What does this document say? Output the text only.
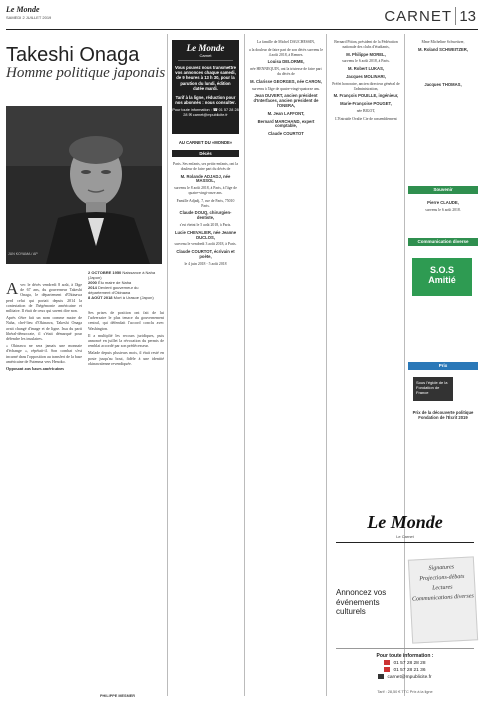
Le Monde
SAMEDI 2 JUILLET 2019	CARNET 13
Takeshi Onaga
Homme politique japonais
JUN KOYAMA / AP

Avec le décès vendredi 8 août, à l'âge de 67 ans, du gouverneur Takeshi Onaga, le département d'Okinawa perd celui qui portait depuis 2014 la contestation de l'hégémonie américaine et militaire. Il était de ceux qui savent dire non.

Après s'être fait un nom comme maire de Naha, chef-lieu d'Okinawa, Takeshi Onaga avait changé d'image et de ligne. Issu du parti libéral-démocrate, il s'était démarqué pour défendre les insulaires.

« Okinawa ne sera jamais une monnaie d'échange », répétait-il. Son combat s'est incarné dans l'opposition au transfert de la base américaine de Futenma vers Henoko.

Opposant aux bases américaines
2 OCTOBRE 1950 Naissance à Naha (Japon)
2000 Élu maire de Naha
2014 Devient gouverneur du département d'Okinawa
8 AOÛT 2018 Mort à Urasoe (Japon)

Ses prises de position ont fait de lui l'adversaire le plus tenace du gouvernement central, qui défendait l'accord conclu avec Washington.

Il a multiplié les recours juridiques, puis annoncé en juillet la révocation du permis de remblai accordé par son prédécesseur.

Malade depuis plusieurs mois, il était resté en poste jusqu'au bout, fidèle à une identité okinawaïenne revendiquée.

PHILIPPE MESMER
Le Monde
Carnet
Vous pouvez nous transmettre vos annonces chaque samedi, de 9 heures à 13 h 30, pour la parution du lundi, édition datée mardi.
Tarif à la ligne, réduction pour nos abonnés : nous consulter.
Pour toute information : ☎ 01 57 28 28 28 ✉ carnet@mpublicite.fr
AU CARNET DU «MONDE»
Décès

Paris. Ses enfants, ses petits-enfants, ont la douleur de faire part du décès de

M. Rolande ADJADJ, née MASSOL,

survenu le 8 août 2018, à Paris, à l'âge de quatre-vingt-onze ans.

Famille Adjadj, 7, rue de Paris, 75010 Paris.

Claude DOUQ, chirurgien-dentiste,

s'est éteint le 5 août 2018, à Paris.

Lucie CHEVALIER, née Jeanne DUCLOS,

survenu le vendredi 3 août 2018, à Paris.

Claude COURTOT, écrivain et poète,

le 4 juin 2018 - 5 août 2018

La famille de Michel DAUCHESSIN,

a la douleur de faire part de son décès survenu le 4 août 2018, à Rennes.

Louisa DELORME,

née HENNEQUIN, ont la tristesse de faire part du décès de

M. Clarisse GEORGES, née CARON,

survenu à l'âge de quatre-vingt-quatorze ans.

Jean DUVERT, ancien président d'Interfaces, ancien président de l'ONERA,
M. Jean LAFFONT,
Bernard MARCHAND, expert comptable,
Claude COURTOT

Bernard Pitton, président de la Fédération nationale des clubs d'étudiants,

M. Philippe MOREL,

survenu le 6 août 2018, à Paris.

M. Robert LUKAS,
Jacques MOLINARI,

Préfet honoraire, ancien directeur général de l'administration,

M. François POUILLE, ingénieur,
Marie-Françoise POUGET,

née BIGOT,

L'Entraide Ovalie Cie de rassemblement

Mme Micheline Schweitzer,

M. Roland SCHWEITZER,
Jacques THOMAS,
Souvenir
Pierre CLAUDE,

survenu le 6 août 2018.

Communication diverse
S.O.S
Amitié
Prix
Sous l'égide de la Fondation de France
Prix de la découverte politique Fondation de l'Écrit 2019
Le Monde
Le Carnet
Signatures
Projections-débats
Lectures
Communications diverses
Annoncez vos événements culturels
Pour toute information :
01 57 28 28 28
01 57 28 21 36
carnet@mpublicite.fr
Tarif : 28,50 € TTC Prix à la ligne
